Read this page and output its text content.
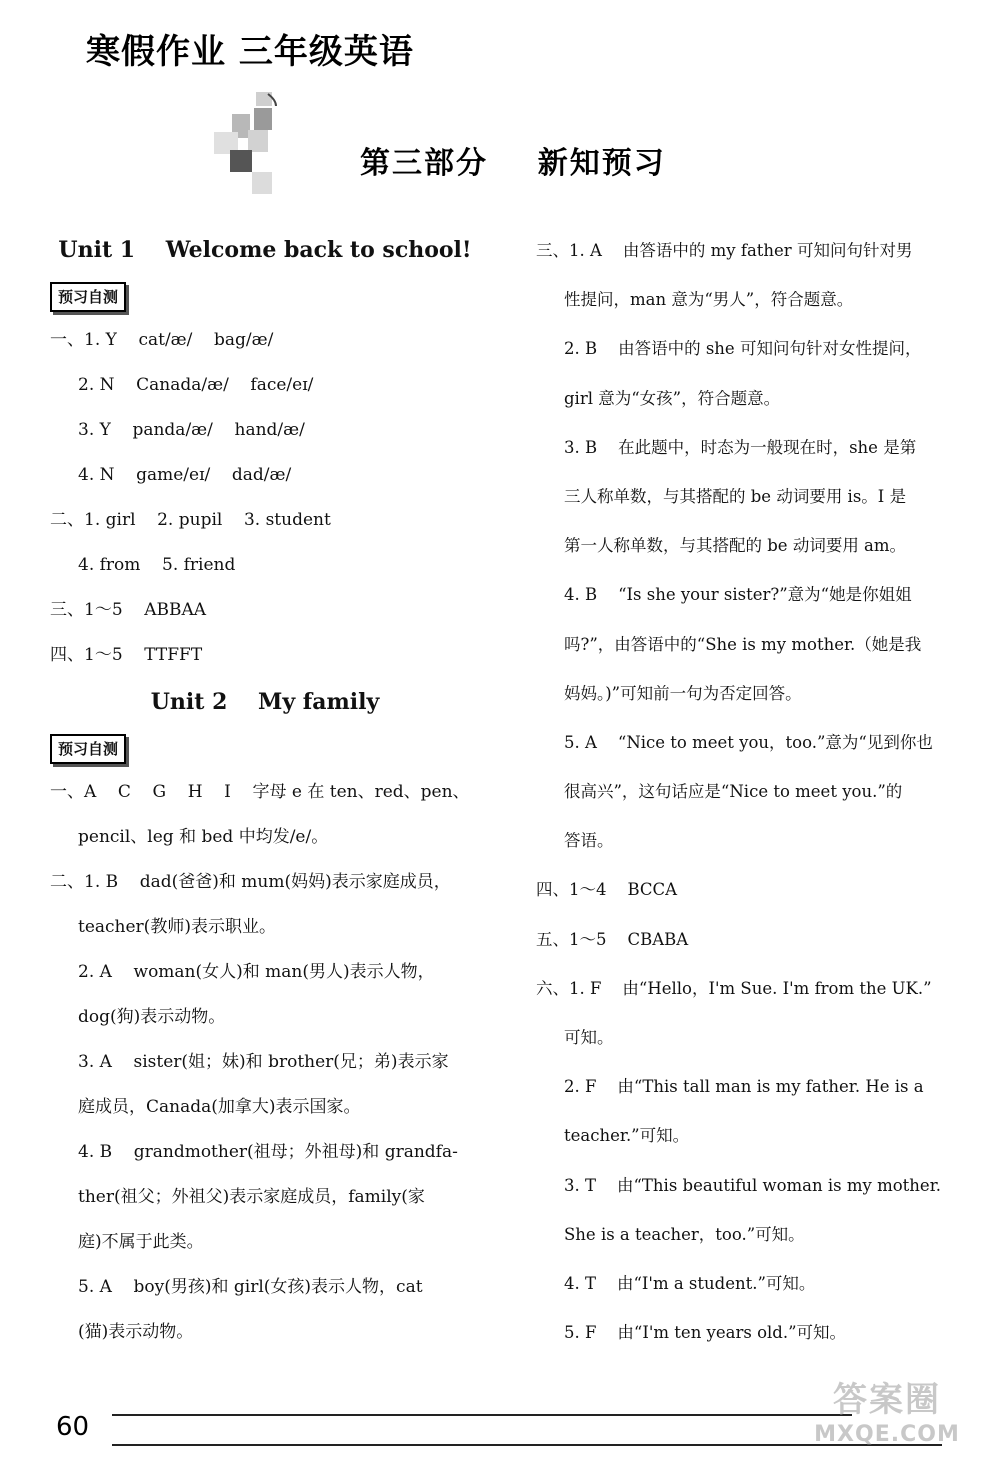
寒假作业 三年级英语
第三部分    新知预习
Unit 1    Welcome back to school!
预习自测
一、1. Y    cat/æ/    bag/æ/
2. N    Canada/æ/    face/eɪ/
3. Y    panda/æ/    hand/æ/
4. N    game/eɪ/    dad/æ/
二、1. girl    2. pupil    3. student
4. from    5. friend
三、1～5    ABBAA
四、1～5    TTFFT
Unit 2    My family
预习自测
一、A    C    G    H    I    字母 e 在 ten、red、pen、
pencil、leg 和 bed 中均发/e/。
二、1. B    dad(爸爸)和 mum(妈妈)表示家庭成员，
teacher(教师)表示职业。
2. A    woman(女人)和 man(男人)表示人物，
dog(狗)表示动物。
3. A    sister(姐；妹)和 brother(兄；弟)表示家
庭成员，Canada(加拿大)表示国家。
4. B    grandmother(祖母；外祖母)和 grandfa-
ther(祖父；外祖父)表示家庭成员，family(家
庭)不属于此类。
5. A    boy(男孩)和 girl(女孩)表示人物，cat
(猫)表示动物。
三、1. A    由答语中的 my father 可知问句针对男
性提问，man 意为“男人”，符合题意。
2. B    由答语中的 she 可知问句针对女性提问，
girl 意为“女孩”，符合题意。
3. B    在此题中，时态为一般现在时，she 是第
三人称单数，与其搭配的 be 动词要用 is。I 是
第一人称单数，与其搭配的 be 动词要用 am。
4. B    “Is she your sister?”意为“她是你姐姐
吗?”，由答语中的“She is my mother.（她是我
妈妈。)”可知前一句为否定回答。
5. A    “Nice to meet you，too.”意为“见到你也
很高兴”，这句话应是“Nice to meet you.”的
答语。
四、1～4    BCCA
五、1～5    CBABA
六、1. F    由“Hello，I'm Sue. I'm from the UK.”
可知。
2. F    由“This tall man is my father. He is a
teacher.”可知。
3. T    由“This beautiful woman is my mother.
She is a teacher，too.”可知。
4. T    由“I'm a student.”可知。
5. F    由“I'm ten years old.”可知。
60
答案圈
MXQE.COM
